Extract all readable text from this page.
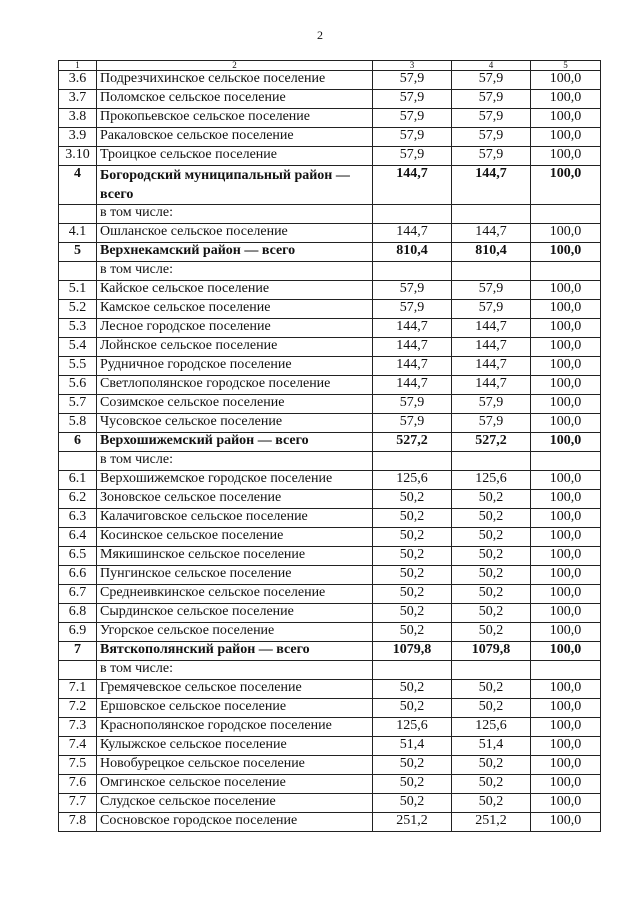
2
1	2	3	4	5
3.6	Подрезчихинское сельское поселение	57,9	57,9	100,0
3.7	Поломское сельское поселение	57,9	57,9	100,0
3.8	Прокопьевское сельское поселение	57,9	57,9	100,0
3.9	Ракаловское сельское поселение	57,9	57,9	100,0
3.10	Троицкое сельское поселение	57,9	57,9	100,0
4	Богородский муниципальный район — всего	144,7	144,7	100,0
	в том числе:			
4.1	Ошланское сельское поселение	144,7	144,7	100,0
5	Верхнекамский район — всего	810,4	810,4	100,0
	в том числе:			
5.1	Кайское сельское поселение	57,9	57,9	100,0
5.2	Камское сельское поселение	57,9	57,9	100,0
5.3	Лесное городское поселение	144,7	144,7	100,0
5.4	Лойнское сельское поселение	144,7	144,7	100,0
5.5	Рудничное городское поселение	144,7	144,7	100,0
5.6	Светлополянское городское поселение	144,7	144,7	100,0
5.7	Созимское сельское поселение	57,9	57,9	100,0
5.8	Чусовское сельское поселение	57,9	57,9	100,0
6	Верхошижемский район — всего	527,2	527,2	100,0
	в том числе:			
6.1	Верхошижемское городское поселение	125,6	125,6	100,0
6.2	Зоновское сельское поселение	50,2	50,2	100,0
6.3	Калачиговское сельское поселение	50,2	50,2	100,0
6.4	Косинское сельское поселение	50,2	50,2	100,0
6.5	Мякишинское сельское поселение	50,2	50,2	100,0
6.6	Пунгинское сельское поселение	50,2	50,2	100,0
6.7	Среднеивкинское сельское поселение	50,2	50,2	100,0
6.8	Сырдинское сельское поселение	50,2	50,2	100,0
6.9	Угорское сельское поселение	50,2	50,2	100,0
7	Вятскополянский район — всего	1079,8	1079,8	100,0
	в том числе:			
7.1	Гремячевское сельское поселение	50,2	50,2	100,0
7.2	Ершовское сельское поселение	50,2	50,2	100,0
7.3	Краснополянское городское поселение	125,6	125,6	100,0
7.4	Кулыжское сельское поселение	51,4	51,4	100,0
7.5	Новобурецкое сельское поселение	50,2	50,2	100,0
7.6	Омгинское сельское поселение	50,2	50,2	100,0
7.7	Слудское сельское поселение	50,2	50,2	100,0
7.8	Сосновское городское поселение	251,2	251,2	100,0
